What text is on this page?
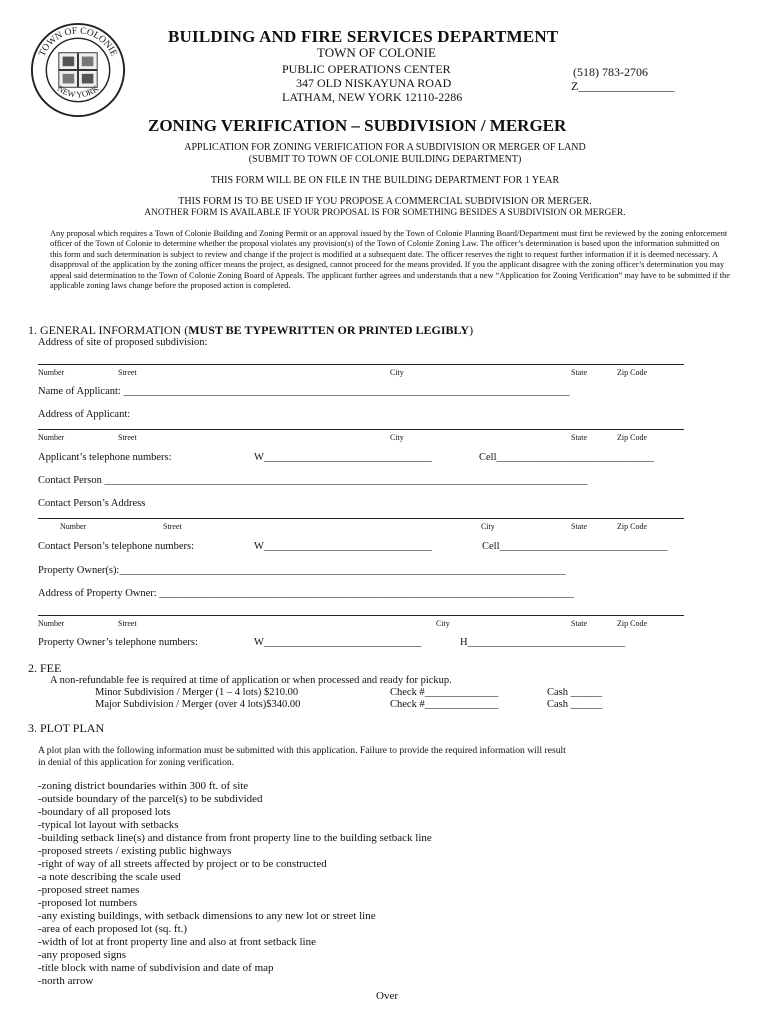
TOWN OF COLONIE
NEW YORK
BUILDING AND FIRE SERVICES DEPARTMENT
TOWN OF COLONIE
PUBLIC OPERATIONS CENTER
347 OLD NISKAYUNA ROAD
LATHAM, NEW YORK 12110-2286
(518) 783-2706
Z________________
ZONING VERIFICATION – SUBDIVISION / MERGER
APPLICATION FOR ZONING VERIFICATION FOR A SUBDIVISION OR MERGER OF LAND
(SUBMIT TO TOWN OF COLONIE BUILDING DEPARTMENT)
THIS FORM WILL BE ON FILE IN THE BUILDING DEPARTMENT FOR 1 YEAR
THIS FORM IS TO BE USED IF YOU PROPOSE A COMMERCIAL SUBDIVISION OR MERGER.
ANOTHER FORM IS AVAILABLE IF YOUR PROPOSAL IS FOR SOMETHING BESIDES A SUBDIVISION OR MERGER.
Any proposal which requires a Town of Colonie Building and Zoning Permit or an approval issued by the Town of Colonie Planning Board/Department must first be reviewed by the zoning enforcement officer of the Town of Colonie to determine whether the proposal violates any provision(s) of the Town of Colonie Zoning Law. The officer’s determination is based upon the information submitted on this form and such determination is subject to review and change if the project is modified at a subsequent date. The officer reserves the right to request further information if it is deemed necessary. A disapproval of the application by the zoning officer means the project, as designed, cannot proceed for the means provided. If you the applicant disagree with the zoning officer’s determination you may appeal said determination to the Town of Colonie Zoning Board of Appeals. The applicant further agrees and understands that a new “Application for Zoning Verification” may have to be submitted if the applicable zoning laws change before the proposed action is completed.
1. GENERAL INFORMATION (MUST BE TYPEWRITTEN OR PRINTED LEGIBLY)
Address of site of proposed subdivision:
Number	Street	City	State	Zip Code
Name of Applicant: _____________________________________________________________________________________
Address of Applicant:
Number	Street	City	State	Zip Code
Applicant’s telephone numbers:	W________________________________	Cell______________________________
Contact Person ____________________________________________________________________________________________
Contact Person’s Address
Number	Street	City	State	Zip Code
Contact Person’s telephone numbers:	W________________________________	Cell________________________________
Property Owner(s):_____________________________________________________________________________________
Address of Property Owner: _______________________________________________________________________________
Number	Street	City	State	Zip Code
Property Owner’s telephone numbers:	W______________________________	H______________________________
2. FEE
A non-refundable fee is required at time of application or when processed and ready for pickup.
Minor Subdivision / Merger (1 – 4 lots) $210.00	Check #______________	Cash ______
Major Subdivision / Merger (over 4 lots)$340.00	Check #______________	Cash ______
3. PLOT PLAN
A plot plan with the following information must be submitted with this application. Failure to provide the required information will result
in denial of this application for zoning verification.
-zoning district boundaries within 300 ft. of site
-outside boundary of the parcel(s) to be subdivided
-boundary of all proposed lots
-typical lot layout with setbacks
-building setback line(s) and distance from front property line to the building setback line
-proposed streets / existing public highways
-right of way of all streets affected by project or to be constructed
-a note describing the scale used
-proposed street names
-proposed lot numbers
-any existing buildings, with setback dimensions to any new lot or street line
-area of each proposed lot (sq. ft.)
-width of lot at front property line and also at front setback line
-any proposed signs
-title block with name of subdivision and date of map
-north arrow
Over
